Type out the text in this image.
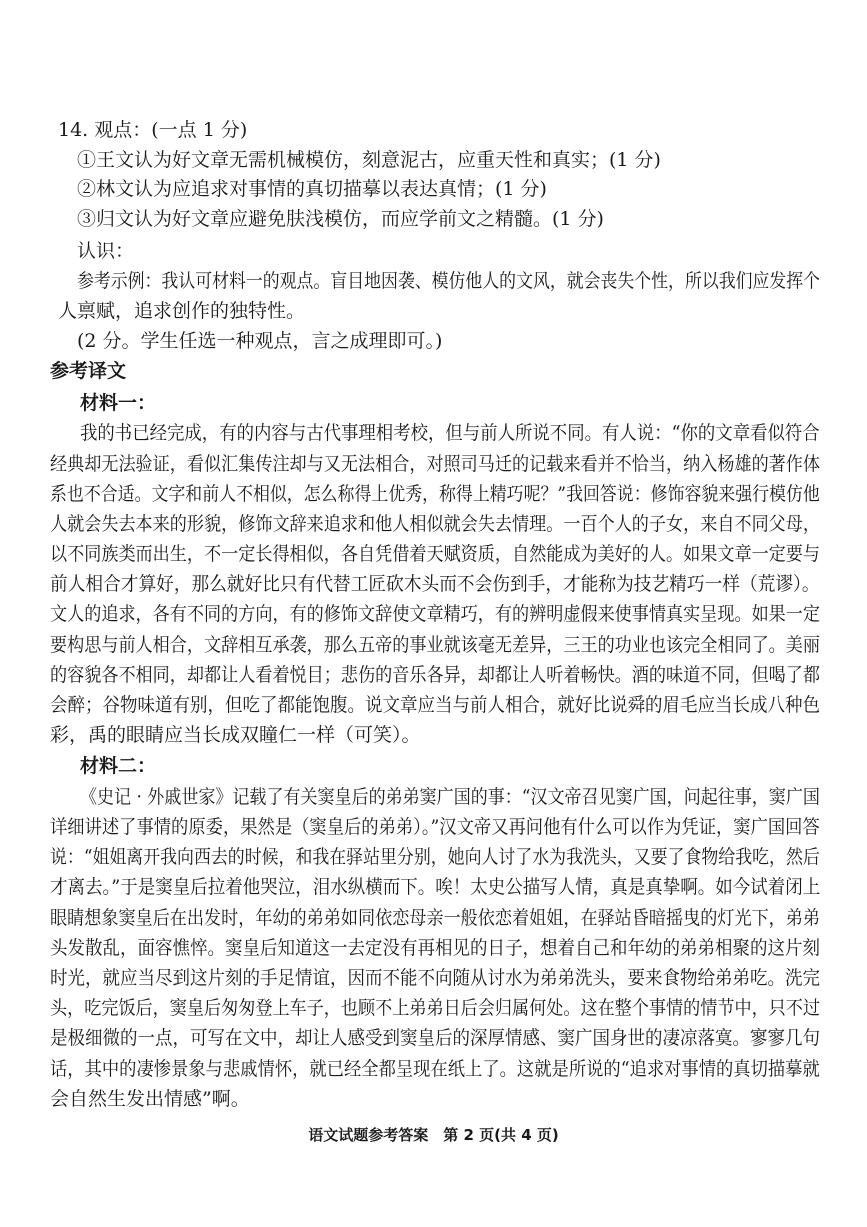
14. 观点：(一点 1 分)
①王文认为好文章无需机械模仿，刻意泥古，应重天性和真实；(1 分)
②林文认为应追求对事情的真切描摹以表达真情；(1 分)
③归文认为好文章应避免肤浅模仿，而应学前文之精髓。(1 分)
认识：
参考示例：我认可材料一的观点。盲目地因袭、模仿他人的文风，就会丧失个性，所以我们应发挥个
人禀赋，追求创作的独特性。
(2 分。学生任选一种观点，言之成理即可。)
参考译文
材料一：
我的书已经完成，有的内容与古代事理相考校，但与前人所说不同。有人说：“你的文章看似符合
经典却无法验证，看似汇集传注却与又无法相合，对照司马迁的记载来看并不恰当，纳入杨雄的著作体
系也不合适。文字和前人不相似，怎么称得上优秀，称得上精巧呢？”我回答说：修饰容貌来强行模仿他
人就会失去本来的形貌，修饰文辞来追求和他人相似就会失去情理。一百个人的子女，来自不同父母，
以不同族类而出生，不一定长得相似，各自凭借着天赋资质，自然能成为美好的人。如果文章一定要与
前人相合才算好，那么就好比只有代替工匠砍木头而不会伤到手，才能称为技艺精巧一样（荒谬）。
文人的追求，各有不同的方向，有的修饰文辞使文章精巧，有的辨明虚假来使事情真实呈现。如果一定
要构思与前人相合，文辞相互承袭，那么五帝的事业就该毫无差异，三王的功业也该完全相同了。美丽
的容貌各不相同，却都让人看着悦目；悲伤的音乐各异，却都让人听着畅快。酒的味道不同，但喝了都
会醉；谷物味道有别，但吃了都能饱腹。说文章应当与前人相合，就好比说舜的眉毛应当长成八种色
彩，禹的眼睛应当长成双瞳仁一样（可笑）。
材料二：
《史记 · 外戚世家》记载了有关窦皇后的弟弟窦广国的事：“汉文帝召见窦广国，问起往事，窦广国
详细讲述了事情的原委，果然是（窦皇后的弟弟）。”汉文帝又再问他有什么可以作为凭证，窦广国回答
说：“姐姐离开我向西去的时候，和我在驿站里分别，她向人讨了水为我洗头，又要了食物给我吃，然后
才离去。”于是窦皇后拉着他哭泣，泪水纵横而下。唉！太史公描写人情，真是真挚啊。如今试着闭上
眼睛想象窦皇后在出发时，年幼的弟弟如同依恋母亲一般依恋着姐姐，在驿站昏暗摇曳的灯光下，弟弟
头发散乱，面容憔悴。窦皇后知道这一去定没有再相见的日子，想着自己和年幼的弟弟相聚的这片刻
时光，就应当尽到这片刻的手足情谊，因而不能不向随从讨水为弟弟洗头，要来食物给弟弟吃。洗完
头，吃完饭后，窦皇后匆匆登上车子，也顾不上弟弟日后会归属何处。这在整个事情的情节中，只不过
是极细微的一点，可写在文中，却让人感受到窦皇后的深厚情感、窦广国身世的凄凉落寞。寥寥几句
话，其中的凄惨景象与悲戚情怀，就已经全都呈现在纸上了。这就是所说的“追求对事情的真切描摹就
会自然生发出情感”啊。
语文试题参考答案　第 2 页(共 4 页)
